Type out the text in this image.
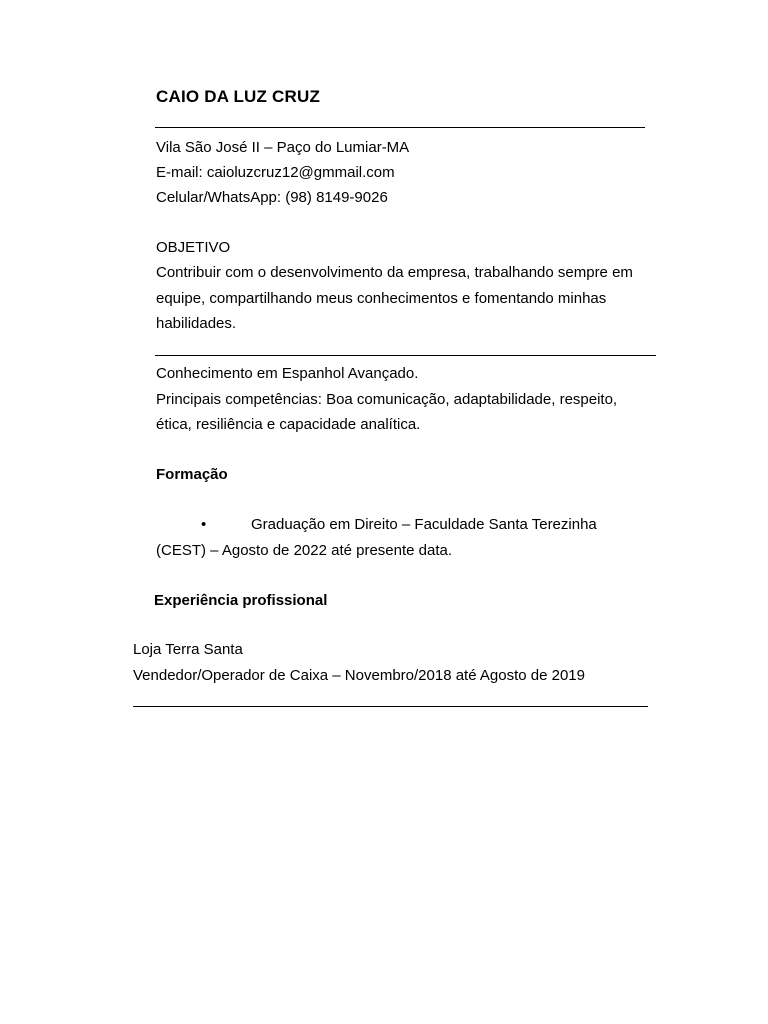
CAIO DA LUZ CRUZ

Vila São José II – Paço do Lumiar-MA

E-mail: caioluzcruz12@gmmail.com

Celular/WhatsApp: (98) 8149-9026

OBJETIVO

Contribuir com o desenvolvimento da empresa, trabalhando sempre em

equipe, compartilhando meus conhecimentos e fomentando minhas

habilidades.

Conhecimento em Espanhol Avançado.

Principais competências: Boa comunicação, adaptabilidade, respeito,

ética, resiliência e capacidade analítica.

Formação

•	Graduação em Direito – Faculdade Santa Terezinha

(CEST) – Agosto de 2022 até presente data.

Experiência profissional

Loja Terra Santa

Vendedor/Operador de Caixa – Novembro/2018 até Agosto de 2019
